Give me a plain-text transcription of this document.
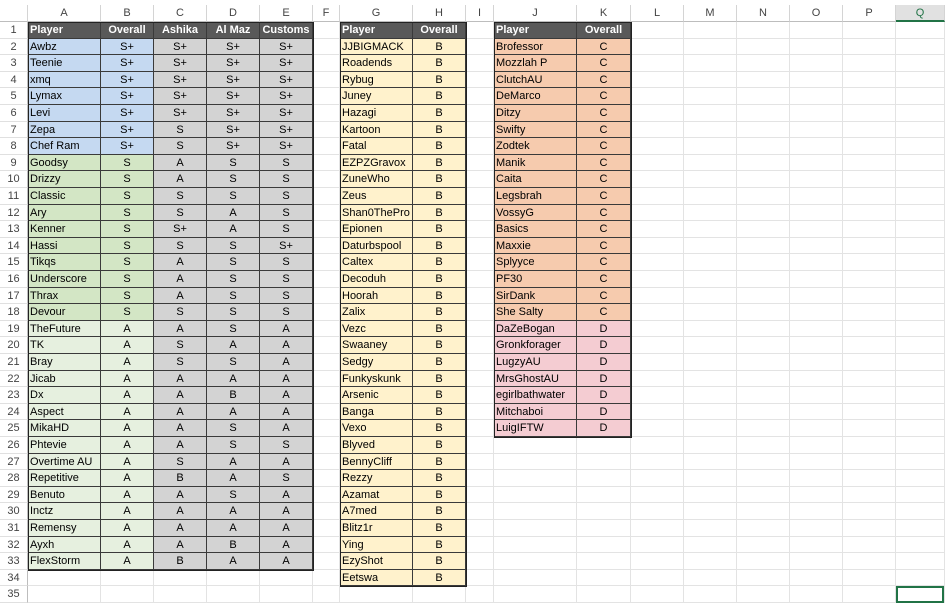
A	B	C	D	E	F	G	H	I	J	K	L	M	N	O	P	Q
1
2
3
4
5
6
7
8
9
10
11
12
13
14
15
16
17
18
19
20
21
22
23
24
25
26
27
28
29
30
31
32
33
34
35
Player	Overall	Ashika	Al Maz	Customs
Awbz	S+	S+	S+	S+
Teenie	S+	S+	S+	S+
xmq	S+	S+	S+	S+
Lymax	S+	S+	S+	S+
Levi	S+	S+	S+	S+
Zepa	S+	S	S+	S+
Chef Ram	S+	S	S+	S+
Goodsy	S	A	S	S
Drizzy	S	A	S	S
Classic	S	S	S	S
Ary	S	S	A	S
Kenner	S	S+	A	S
Hassi	S	S	S	S+
Tikqs	S	A	S	S
Underscore	S	A	S	S
Thrax	S	A	S	S
Devour	S	S	S	S
TheFuture	A	A	S	A
TK	A	S	A	A
Bray	A	S	S	A
Jicab	A	A	A	A
Dx	A	A	B	A
Aspect	A	A	A	A
MikaHD	A	A	S	A
Phtevie	A	A	S	S
Overtime AU	A	S	A	A
Repetitive	A	B	A	S
Benuto	A	A	S	A
Inctz	A	A	A	A
Remensy	A	A	A	A
Ayxh	A	A	B	A
FlexStorm	A	B	A	A
Player	Overall
JJBIGMACK	B
Roadends	B
Rybug	B
Juney	B
Hazagi	B
Kartoon	B
Fatal	B
EZPZGravox	B
ZuneWho	B
Zeus	B
Shan0ThePro	B
Epionen	B
Daturbspool	B
Caltex	B
Decoduh	B
Hoorah	B
Zalix	B
Vezc	B
Swaaney	B
Sedgy	B
Funkyskunk	B
Arsenic	B
Banga	B
Vexo	B
Blyved	B
BennyCliff	B
Rezzy	B
Azamat	B
A7med	B
Blitz1r	B
Ying	B
EzyShot	B
Eetswa	B
Player	Overall
Brofessor	C
Mozzlah P	C
ClutchAU	C
DeMarco	C
Ditzy	C
Swifty	C
Zodtek	C
Manik	C
Caita	C
Legsbrah	C
VossyG	C
Basics	C
Maxxie	C
Splyyce	C
PF30	C
SirDank	C
She Salty	C
DaZeBogan	D
Gronkforager	D
LugzyAU	D
MrsGhostAU	D
egirlbathwater	D
Mitchaboi	D
LuigIFTW	D
